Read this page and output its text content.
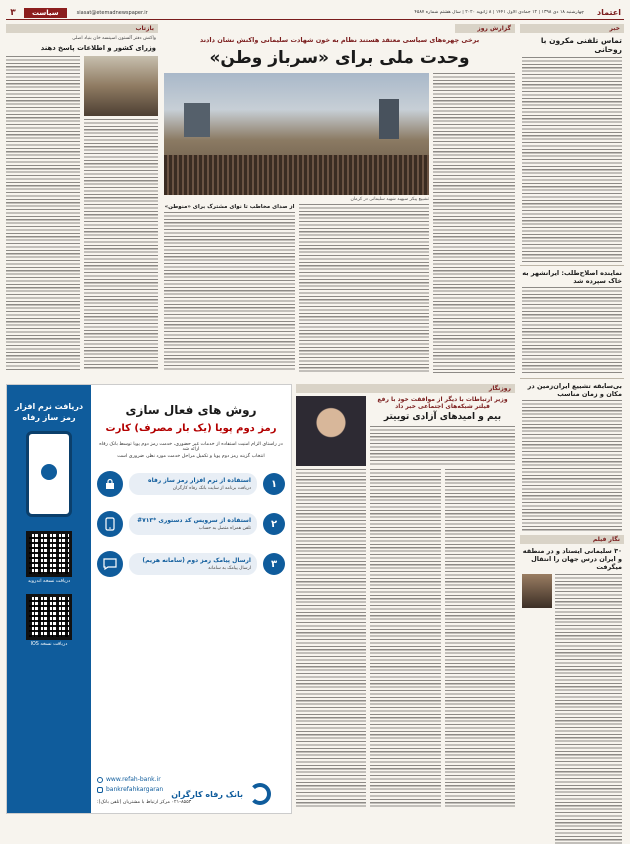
اعتماد
چهارشنبه ۱۸ دی ۱۳۹۸ | ۱۲ جمادی الاول ۱۴۴۱ | ۸ ژانویه ۲۰۲۰ | سال هشتم شماره ۴۵۸۷
siasat@etemadnewspaper.ir
سیاست
۳
خبر
تماس تلفنی مکرون با روحانی
نماینده اصلاح‌طلب: ایرانشهر به خاک سپرده شد
بی‌سابقه تشییع ایران‌زمین در مکان و زمان مناسب
نگار فیلم
۳۰ سلیمانی ایستاد و در منطقه و ایران درس جهان را انتقال میگرفت
گزارش روز
برخی چهره‌های سیاسی معتقد هستند نظام به خون شهادت سلیمانی واکنش نشان دادند
وحدت ملی برای «سرباز وطن»
تشییع پیکر سپهبد شهید سلیمانی در کرمان
از صدای مخاطب تا نوای مشترک برای «منوطن»
بازتاب
واکنش دفتر آلستون اسپنسه خان بنیاد اصلی
وزرای کشور و اطلاعات پاسخ دهند
روزنگار
وزیر ارتباطات با دیگر از موافقت خود با رفع فیلتر شبکه‌های اجتماعی خبر داد
بیم و امیدهای آزادی توییتر
روش های فعال سازی
رمز دوم پویا (یک بار مصرف) کارت
در راستای الزام امنیت استفاده از خدمات غیر حضوری، خدمت رمز دوم پویا توسط بانک رفاه ارائه شد
انتخاب گزینه رمز دوم پویا و تکمیل مراحل خدمت مورد نظر، ضروری است
۱
استفاده از نرم افزار رمز ساز رفاه
دریافت برنامه از سایت بانک رفاه کارگران
۲
استفاده از سرویس کد دستوری *۷۱۳#
تلفن همراه متصل به حساب
۳
ارسال پیامک رمز دوم (سامانه هریم)
ارسال پیامک به سامانه
بانک رفاه کارگران
www.refah-bank.ir
bankrefahkargaran
۰۲۱-۸۵۵۳ مرکز ارتباط با مشتریان (تلفن بانک):
دریافت نرم افزار رمز ساز رفاه
دریافت نسخه اندروید
دریافت نسخه IOS
